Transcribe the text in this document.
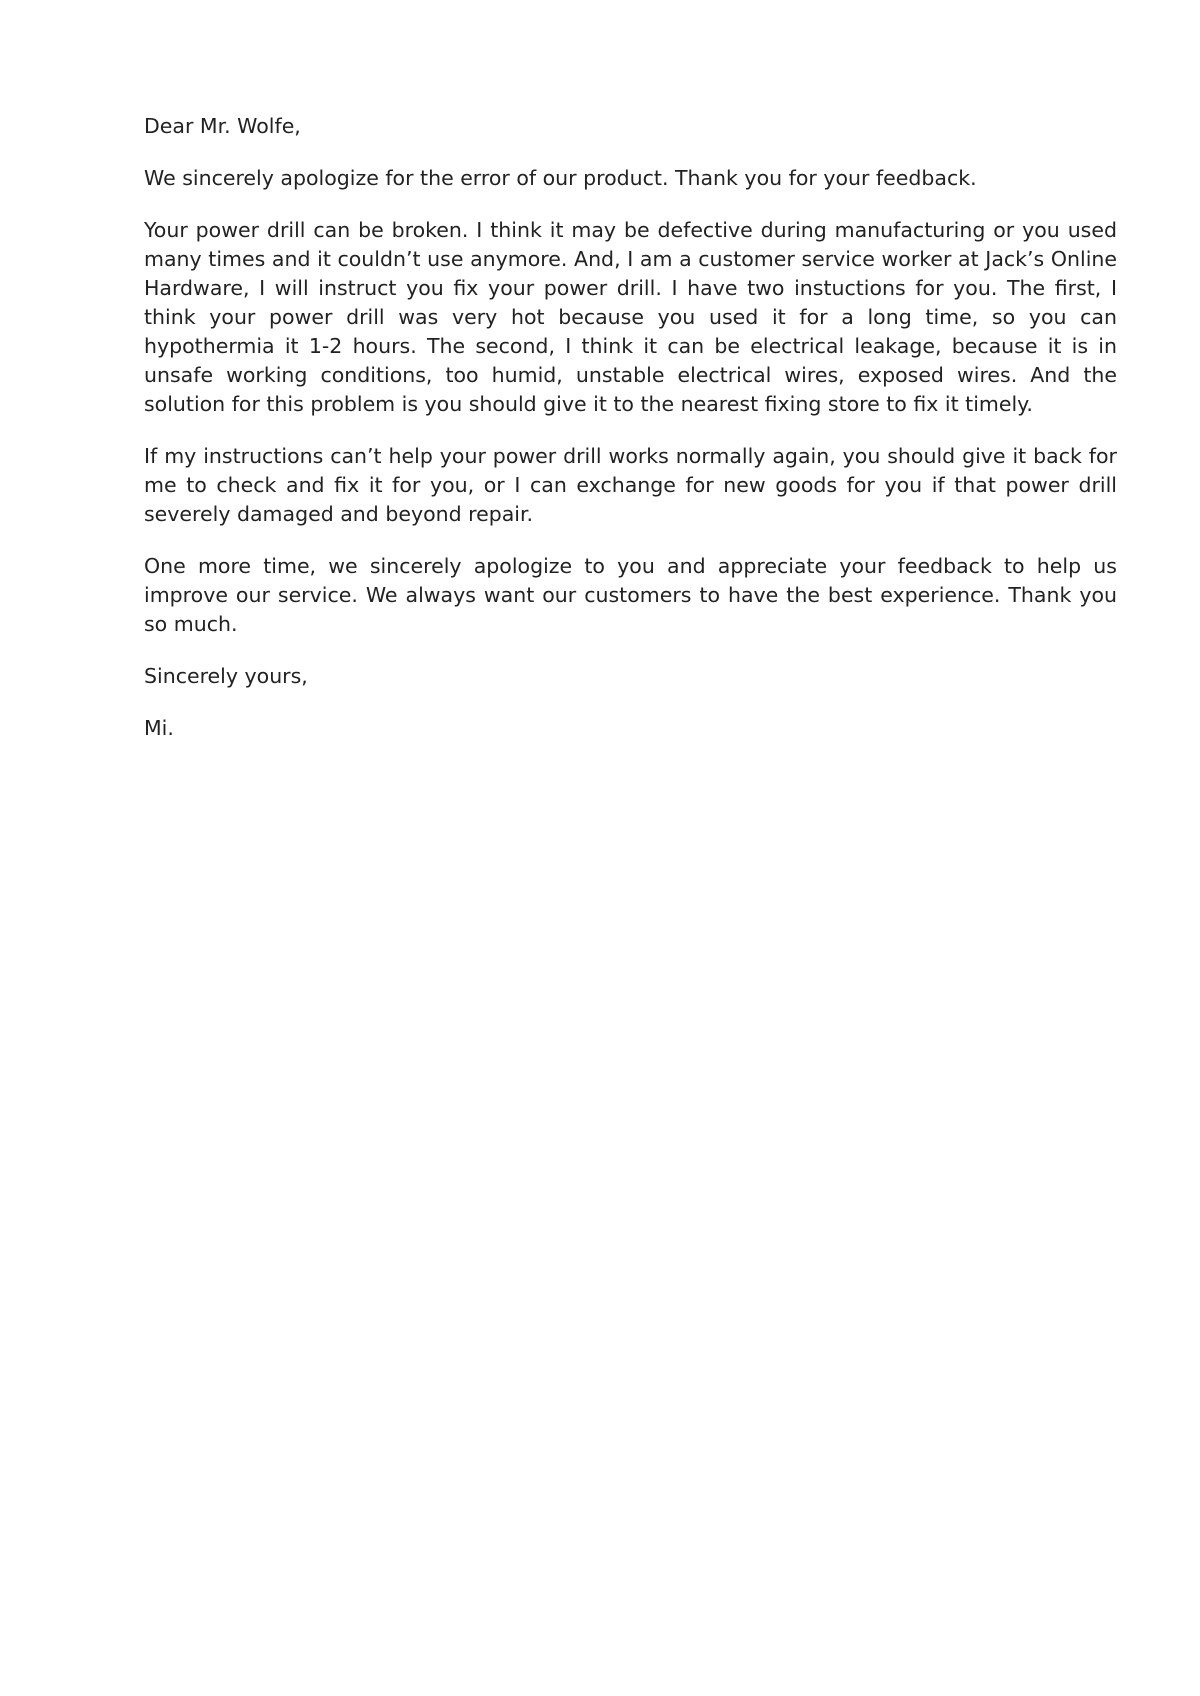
Dear Mr. Wolfe,

We sincerely apologize for the error of our product. Thank you for your feedback.

Your power drill can be broken. I think it may be defective during manufacturing or you used many times and it couldn’t use anymore. And, I am a customer service worker at Jack’s Online Hardware, I will instruct you fix your power drill. I have two instuctions for you. The first, I think your power drill was very hot because you used it for a long time, so you can hypothermia it 1-2 hours. The second, I think it can be electrical leakage, because it is in unsafe working conditions, too humid, unstable electrical wires, exposed wires. And the solution for this problem is you should give it to the nearest fixing store to fix it timely.

If my instructions can’t help your power drill works normally again, you should give it back for me to check and fix it for you, or I can exchange for new goods for you if that power drill severely damaged and beyond repair.

One more time, we sincerely apologize to you and appreciate your feedback to help us improve our service. We always want our customers to have the best experience. Thank you so much.

Sincerely yours,

Mi.
